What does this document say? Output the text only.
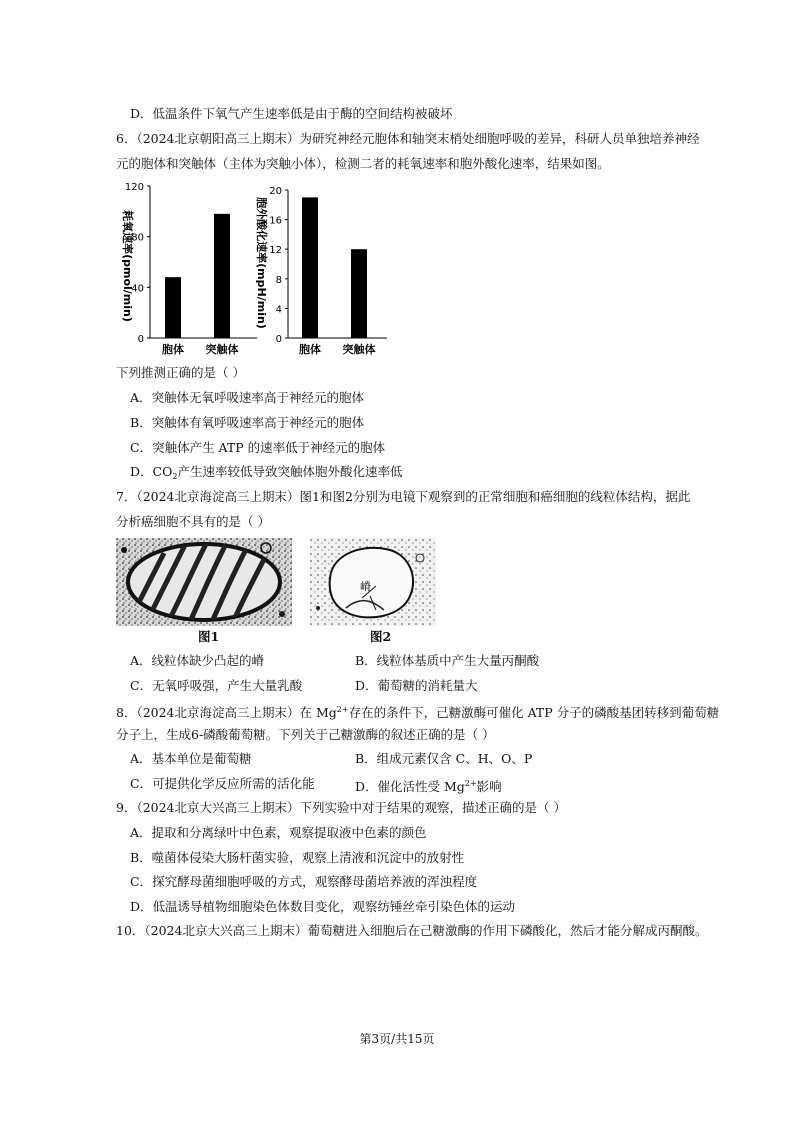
D．低温条件下氧气产生速率低是由于酶的空间结构被破坏
6．（2024北京朝阳高三上期末）为研究神经元胞体和轴突末梢处细胞呼吸的差异，科研人员单独培养神经
元的胞体和突触体（主体为突触小体），检测二者的耗氧速率和胞外酸化速率，结果如图。
耗氧速率(pmol/min)
0
40
80
120
胞体 突触体
胞外酸化速率(mpH/min)
0
4
8
12
16
20
胞体 突触体
下列推测正确的是（ ）
A．突触体无氧呼吸速率高于神经元的胞体
B．突触体有氧呼吸速率高于神经元的胞体
C．突触体产生 ATP 的速率低于神经元的胞体
D．$CO_2$产生速率较低导致突触体胞外酸化速率低
7．（2024北京海淀高三上期末）图1和图2分别为电镜下观察到的正常细胞和癌细胞的线粒体结构，据此
分析癌细胞不具有的是（ ）
图1
嵴
图2
A．线粒体缺少凸起的嵴	B．线粒体基质中产生大量丙酮酸
C．无氧呼吸强，产生大量乳酸	D．葡萄糖的消耗量大
8．（2024北京海淀高三上期末）在 $Mg^{2+}$存在的条件下，己糖激酶可催化 ATP 分子的磷酸基团转移到葡萄糖
分子上，生成6-磷酸葡萄糖。下列关于己糖激酶的叙述正确的是（ ）
A．基本单位是葡萄糖	B．组成元素仅含 C、H、O、P
C．可提供化学反应所需的活化能	D．催化活性受 $Mg^{2+}$影响
9．（2024北京大兴高三上期末）下列实验中对于结果的观察，描述正确的是（ ）
A．提取和分离绿叶中色素，观察提取液中色素的颜色
B．噬菌体侵染大肠杆菌实验，观察上清液和沉淀中的放射性
C．探究酵母菌细胞呼吸的方式，观察酵母菌培养液的浑浊程度
D．低温诱导植物细胞染色体数目变化，观察纺锤丝牵引染色体的运动
10．（2024北京大兴高三上期末）葡萄糖进入细胞后在己糖激酶的作用下磷酸化，然后才能分解成丙酮酸。
第3页/共15页
